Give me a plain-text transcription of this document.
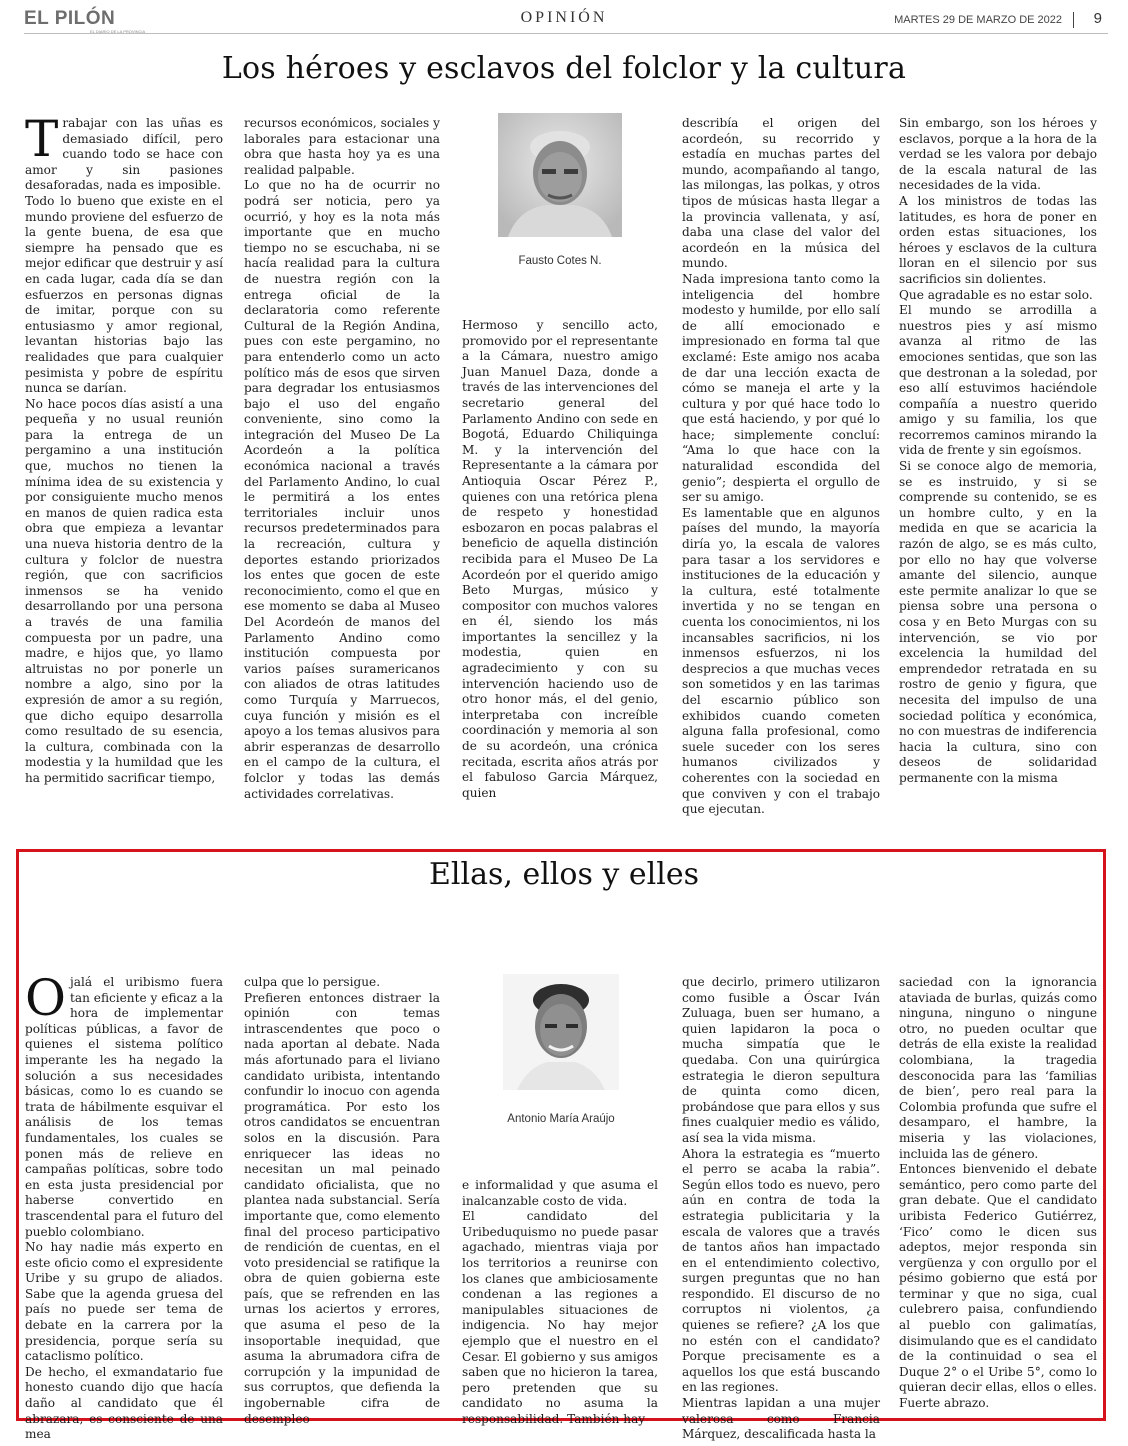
EL PILÓN
EL DIARIO DE LA PROVINCIA
OPINIÓN	MARTES 29 DE MARZO DE 2022 9
Los héroes y esclavos del folclor y la cultura
T rabajar con las uñas es demasiado difícil, pero cuando todo se hace con amor y sin pasiones desaforadas, nada es imposible.

Todo lo bueno que existe en el mundo proviene del esfuerzo de la gente buena, de esa que siempre ha pensado que es mejor edificar que destruir y así en cada lugar, cada día se dan esfuerzos en personas dignas de imitar, porque con su entusiasmo y amor regional, levantan historias bajo las realidades que para cualquier pesimista y pobre de espíritu nunca se darían.

No hace pocos días asistí a una pequeña y no usual reunión para la entrega de un pergamino a una institución que, muchos no tienen la mínima idea de su existencia y por consiguiente mucho menos en manos de quien radica esta obra que empieza a levantar una nueva historia dentro de la cultura y folclor de nuestra región, que con sacrificios inmensos se ha venido desarrollando por una persona a través de una familia compuesta por un padre, una madre, e hijos que, yo llamo altruistas no por ponerle un nombre a algo, sino por la expresión de amor a su región, que dicho equipo desarrolla como resultado de su esencia, la cultura, combinada con la modestia y la humildad que les ha permitido sacrificar tiempo,

recursos económicos, sociales y laborales para estacionar una obra que hasta hoy ya es una realidad palpable.

Lo que no ha de ocurrir no podrá ser noticia, pero ya ocurrió, y hoy es la nota más importante que en mucho tiempo no se escuchaba, ni se hacía realidad para la cultura de nuestra región con la entrega oficial de la declaratoria como referente Cultural de la Región Andina, pues con este pergamino, no para entenderlo como un acto político más de esos que sirven para degradar los entusiasmos bajo el uso del engaño conveniente, sino como la integración del Museo De La Acordeón a la política económica nacional a través del Parlamento Andino, lo cual le permitirá a los entes territoriales incluir unos recursos predeterminados para la recreación, cultura y deportes estando priorizados los entes que gocen de este reconocimiento, como el que en ese momento se daba al Museo Del Acordeón de manos del Parlamento Andino como institución compuesta por varios países suramericanos con aliados de otras latitudes como Turquía y Marruecos, cuya función y misión es el apoyo a los temas alusivos para abrir esperanzas de desarrollo en el campo de la cultura, el folclor y todas las demás actividades correlativas.

Fausto Cotes N.

Hermoso y sencillo acto, promovido por el representante a la Cámara, nuestro amigo Juan Manuel Daza, donde a través de las intervenciones del secretario general del Parlamento Andino con sede en Bogotá, Eduardo Chiliquinga M. y la intervención del Representante a la cámara por Antioquia Oscar Pérez P., quienes con una retórica plena de respeto y honestidad esbozaron en pocas palabras el beneficio de aquella distinción recibida para el Museo De La Acordeón por el querido amigo Beto Murgas, músico y compositor con muchos valores en él, siendo los más importantes la sencillez y la modestia, quien en agradecimiento y con su intervención haciendo uso de otro honor más, el del genio, interpretaba con increíble coordinación y memoria al son de su acordeón, una crónica recitada, escrita años atrás por el fabuloso Garcia Márquez, quien

describía el origen del acordeón, su recorrido y estadía en muchas partes del mundo, acompañando al tango, las milongas, las polkas, y otros tipos de músicas hasta llegar a la provincia vallenata, y así, daba una clase del valor del acordeón en la música del mundo.

Nada impresiona tanto como la inteligencia del hombre modesto y humilde, por ello salí de allí emocionado e impresionado en forma tal que exclamé: Este amigo nos acaba de dar una lección exacta de cómo se maneja el arte y la cultura y por qué hace todo lo que está haciendo, y por qué lo hace; simplemente concluí: “Ama lo que hace con la naturalidad escondida del genio”; despierta el orgullo de ser su amigo.

Es lamentable que en algunos países del mundo, la mayoría diría yo, la escala de valores para tasar a los servidores e instituciones de la educación y la cultura, esté totalmente invertida y no se tengan en cuenta los conocimientos, ni los incansables sacrificios, ni los inmensos esfuerzos, ni los desprecios a que muchas veces son sometidos y en las tarimas del escarnio público son exhibidos cuando cometen alguna falla profesional, como suele suceder con los seres humanos civilizados y coherentes con la sociedad en que conviven y con el trabajo que ejecutan.

Sin embargo, son los héroes y esclavos, porque a la hora de la verdad se les valora por debajo de la escala natural de las necesidades de la vida.

A los ministros de todas las latitudes, es hora de poner en orden estas situaciones, los héroes y esclavos de la cultura lloran en el silencio por sus sacrificios sin dolientes.

Que agradable es no estar solo.

El mundo se arrodilla a nuestros pies y así mismo avanza al ritmo de las emociones sentidas, que son las que destronan a la soledad, por eso allí estuvimos haciéndole compañía a nuestro querido amigo y su familia, los que recorremos caminos mirando la vida de frente y sin egoísmos.

Si se conoce algo de memoria, se es instruido, y si se comprende su contenido, se es un hombre culto, y en la medida en que se acaricia la razón de algo, se es más culto, por ello no hay que volverse amante del silencio, aunque este permite analizar lo que se piensa sobre una persona o cosa y en Beto Murgas con su intervención, se vio por excelencia la humildad del emprendedor retratada en su rostro de genio y figura, que necesita del impulso de una sociedad política y económica, no con muestras de indiferencia hacia la cultura, sino con deseos de solidaridad permanente con la misma

Ellas, ellos y elles
O jalá el uribismo fuera tan eficiente y eficaz a la hora de implementar políticas públicas, a favor de quienes el sistema político imperante les ha negado la solución a sus necesidades básicas, como lo es cuando se trata de hábilmente esquivar el análisis de los temas fundamentales, los cuales se ponen más de relieve en campañas políticas, sobre todo en esta justa presidencial por haberse convertido en trascendental para el futuro del pueblo colombiano.

No hay nadie más experto en este oficio como el expresidente Uribe y su grupo de aliados. Sabe que la agenda gruesa del país no puede ser tema de debate en la carrera por la presidencia, porque sería su cataclismo político.

De hecho, el exmandatario fue honesto cuando dijo que hacía daño al candidato que él abrazara, es consciente de una mea

culpa que lo persigue.

Prefieren entonces distraer la opinión con temas intrascendentes que poco o nada aportan al debate. Nada más afortunado para el liviano candidato uribista, intentando confundir lo inocuo con agenda programática. Por esto los otros candidatos se encuentran solos en la discusión. Para enriquecer las ideas no necesitan un mal peinado candidato oficialista, que no plantea nada substancial. Sería importante que, como elemento final del proceso participativo de rendición de cuentas, en el voto presidencial se ratifique la obra de quien gobierna este país, que se refrenden en las urnas los aciertos y errores, que asuma el peso de la insoportable inequidad, que asuma la abrumadora cifra de corrupción y la impunidad de sus corruptos, que defienda la ingobernable cifra de desempleo

Antonio María Araújo

e informalidad y que asuma el inalcanzable costo de vida.

El candidato del Uribeduquismo no puede pasar agachado, mientras viaja por los territorios a reunirse con los clanes que ambiciosamente condenan a las regiones a manipulables situaciones de indigencia. No hay mejor ejemplo que el nuestro en el Cesar. El gobierno y sus amigos saben que no hicieron la tarea, pero pretenden que su candidato no asuma la responsabilidad. También hay

que decirlo, primero utilizaron como fusible a Óscar Iván Zuluaga, buen ser humano, a quien lapidaron la poca o mucha simpatía que le quedaba. Con una quirúrgica estrategia le dieron sepultura de quinta como dicen, probándose que para ellos y sus fines cualquier medio es válido, así sea la vida misma.

Ahora la estrategia es “muerto el perro se acaba la rabia”. Según ellos todo es nuevo, pero aún en contra de toda la estrategia publicitaria y la escala de valores que a través de tantos años han impactado en el entendimiento colectivo, surgen preguntas que no han respondido. El discurso de no corruptos ni violentos, ¿a quienes se refiere? ¿A los que no estén con el candidato? Porque precisamente es a aquellos los que está buscando en las regiones.

Mientras lapidan a una mujer valerosa como Francia Márquez, descalificada hasta la

saciedad con la ignorancia ataviada de burlas, quizás como ninguna, ninguno o ningune otro, no pueden ocultar que detrás de ella existe la realidad colombiana, la tragedia desconocida para las ‘familias de bien’, pero real para la Colombia profunda que sufre el desamparo, el hambre, la miseria y las violaciones, incluida las de género.

Entonces bienvenido el debate semántico, pero como parte del gran debate. Que el candidato uribista Federico Gutiérrez, ‘Fico’ como le dicen sus adeptos, mejor responda sin vergüenza y con orgullo por el pésimo gobierno que está por terminar y que no siga, cual culebrero paisa, confundiendo al pueblo con galimatías, disimulando que es el candidato de la continuidad o sea el Duque 2° o el Uribe 5°, como lo quieran decir ellas, ellos o elles. Fuerte abrazo.
